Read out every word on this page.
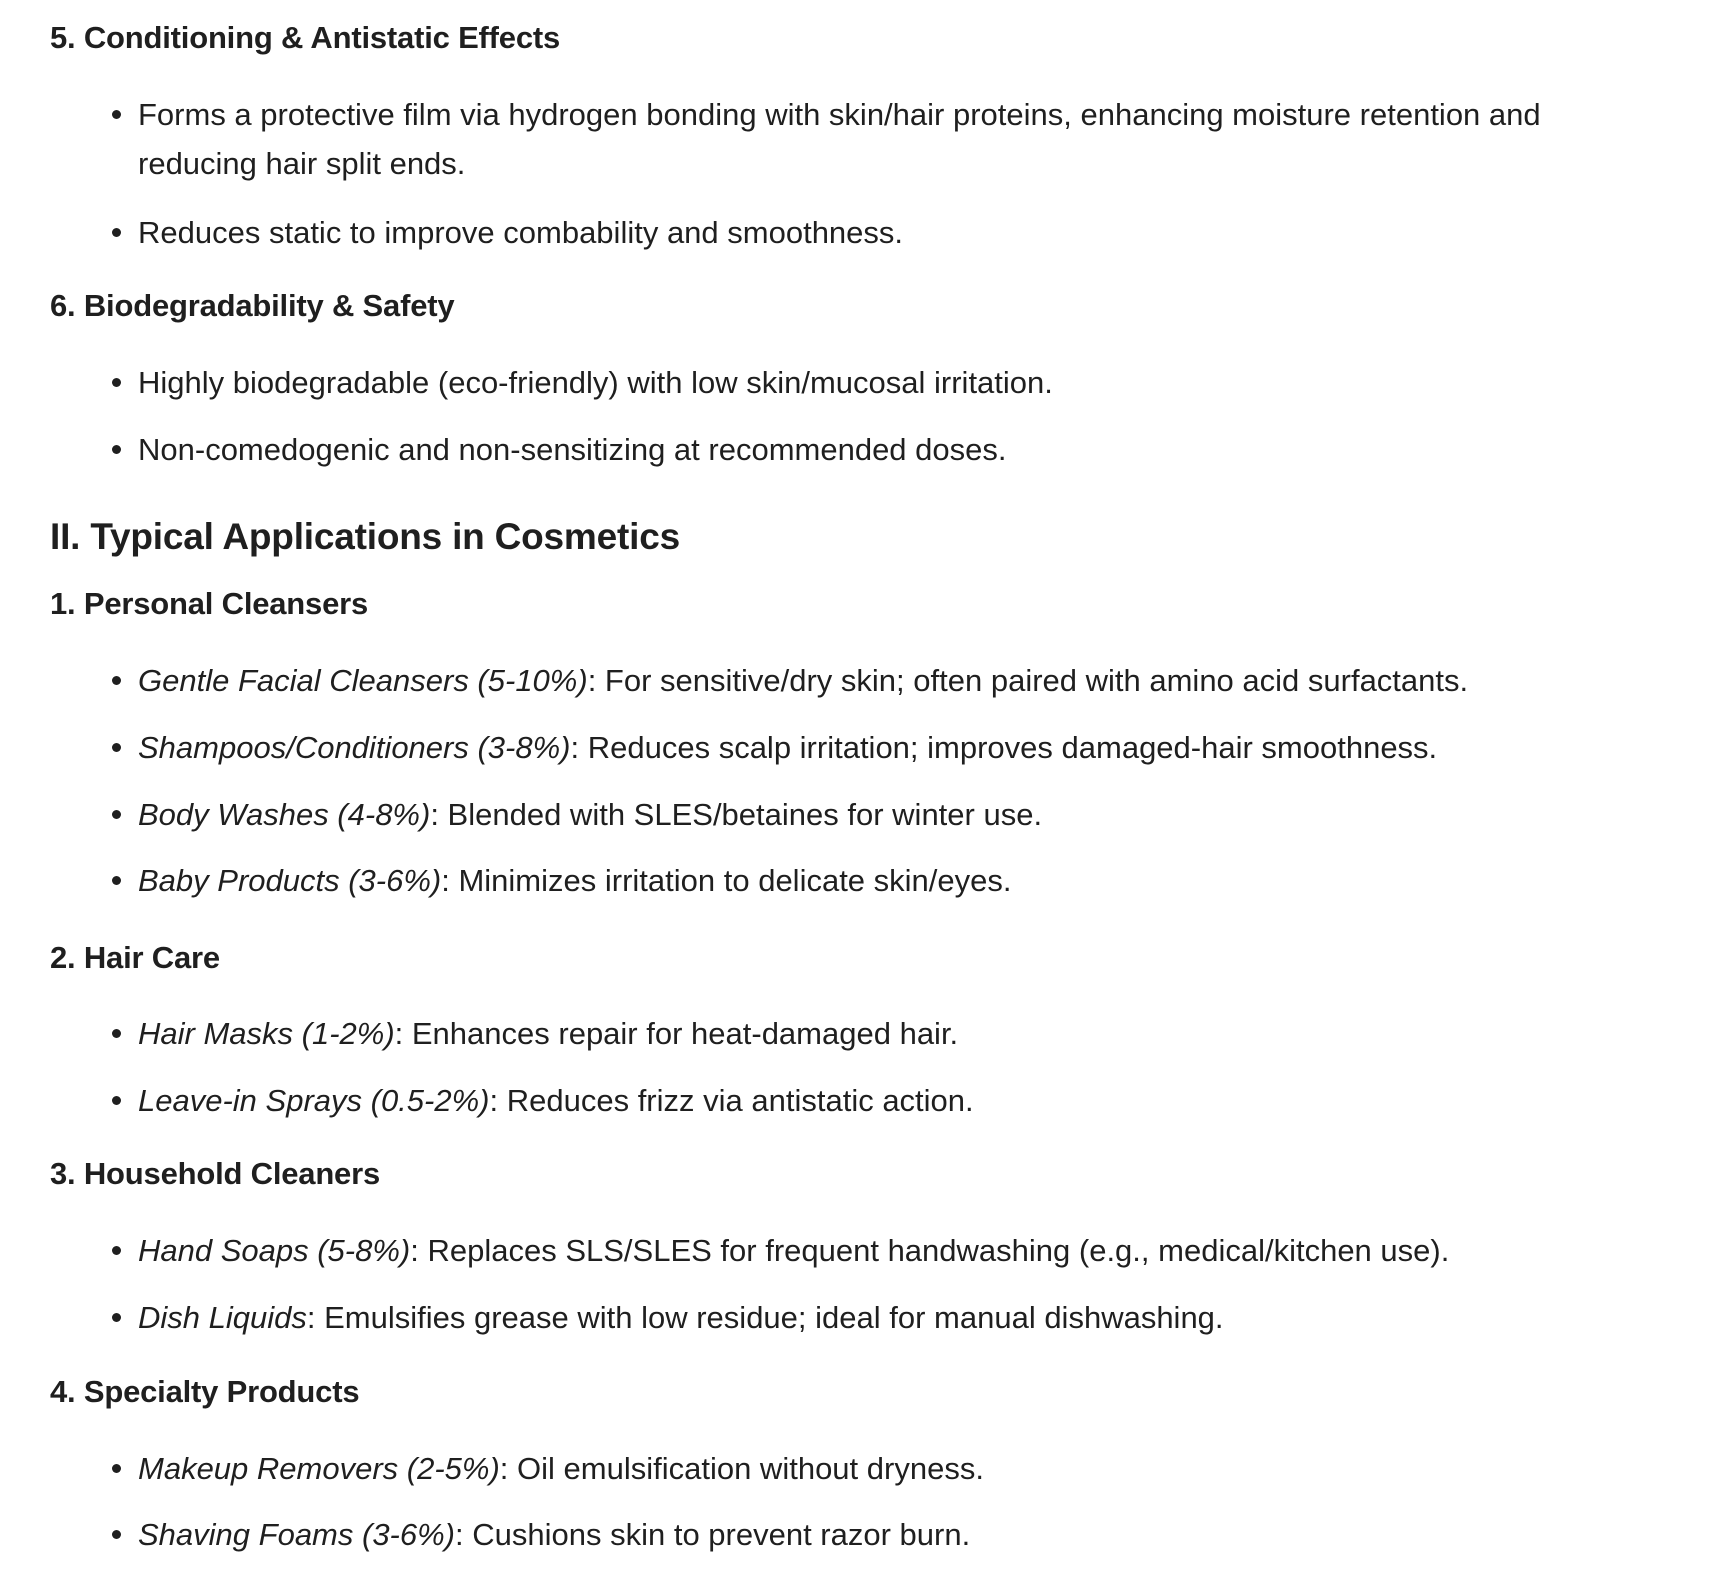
5. Conditioning & Antistatic Effects

Forms a protective film via hydrogen bonding with skin/hair proteins, enhancing moisture retention and reducing hair split ends.

Reduces static to improve combability and smoothness.

6. Biodegradability & Safety

Highly biodegradable (eco-friendly) with low skin/mucosal irritation.

Non-comedogenic and non-sensitizing at recommended doses.

II. Typical Applications in Cosmetics
1. Personal Cleansers

Gentle Facial Cleansers (5-10%): For sensitive/dry skin; often paired with amino acid surfactants.

Shampoos/Conditioners (3-8%): Reduces scalp irritation; improves damaged-hair smoothness.

Body Washes (4-8%): Blended with SLES/betaines for winter use.

Baby Products (3-6%): Minimizes irritation to delicate skin/eyes.

2. Hair Care

Hair Masks (1-2%): Enhances repair for heat-damaged hair.

Leave-in Sprays (0.5-2%): Reduces frizz via antistatic action.

3. Household Cleaners

Hand Soaps (5-8%): Replaces SLS/SLES for frequent handwashing (e.g., medical/kitchen use).

Dish Liquids: Emulsifies grease with low residue; ideal for manual dishwashing.

4. Specialty Products

Makeup Removers (2-5%): Oil emulsification without dryness.

Shaving Foams (3-6%): Cushions skin to prevent razor burn.
